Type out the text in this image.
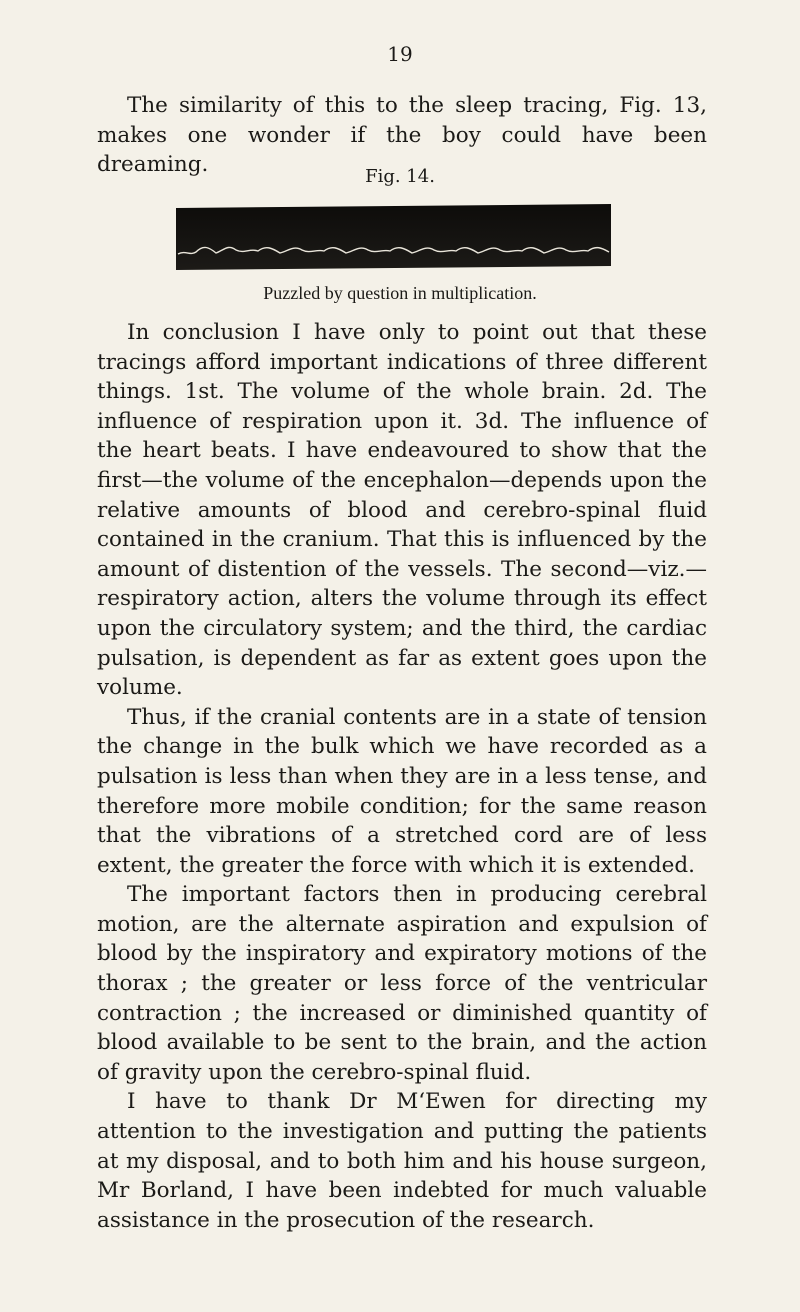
19

The similarity of this to the sleep tracing, Fig. 13, makes one wonder if the boy could have been dreaming.	Fig. 14.
Puzzled by question in multiplication.

In conclusion I have only to point out that these tracings afford important indications of three different things. 1st. The volume of the whole brain. 2d. The influence of respiration upon it. 3d. The influence of the heart beats. I have endeavoured to show that the first—the volume of the encephalon—depends upon the relative amounts of blood and cerebro-spinal fluid contained in the cranium. That this is influenced by the amount of distention of the vessels. The second—viz.—respiratory action, alters the volume through its effect upon the circulatory system; and the third, the cardiac pulsation, is dependent as far as extent goes upon the volume.

Thus, if the cranial contents are in a state of tension the change in the bulk which we have recorded as a pulsation is less than when they are in a less tense, and therefore more mobile condition; for the same reason that the vibrations of a stretched cord are of less extent, the greater the force with which it is extended.

The important factors then in producing cerebral motion, are the alternate aspiration and expulsion of blood by the inspiratory and expiratory motions of the thorax ; the greater or less force of the ventricular contraction ; the increased or diminished quantity of blood available to be sent to the brain, and the action of gravity upon the cerebro-spinal fluid.

I have to thank Dr M‘Ewen for directing my attention to the investigation and putting the patients at my disposal, and to both him and his house surgeon, Mr Borland, I have been indebted for much valuable assistance in the prosecution of the research.
